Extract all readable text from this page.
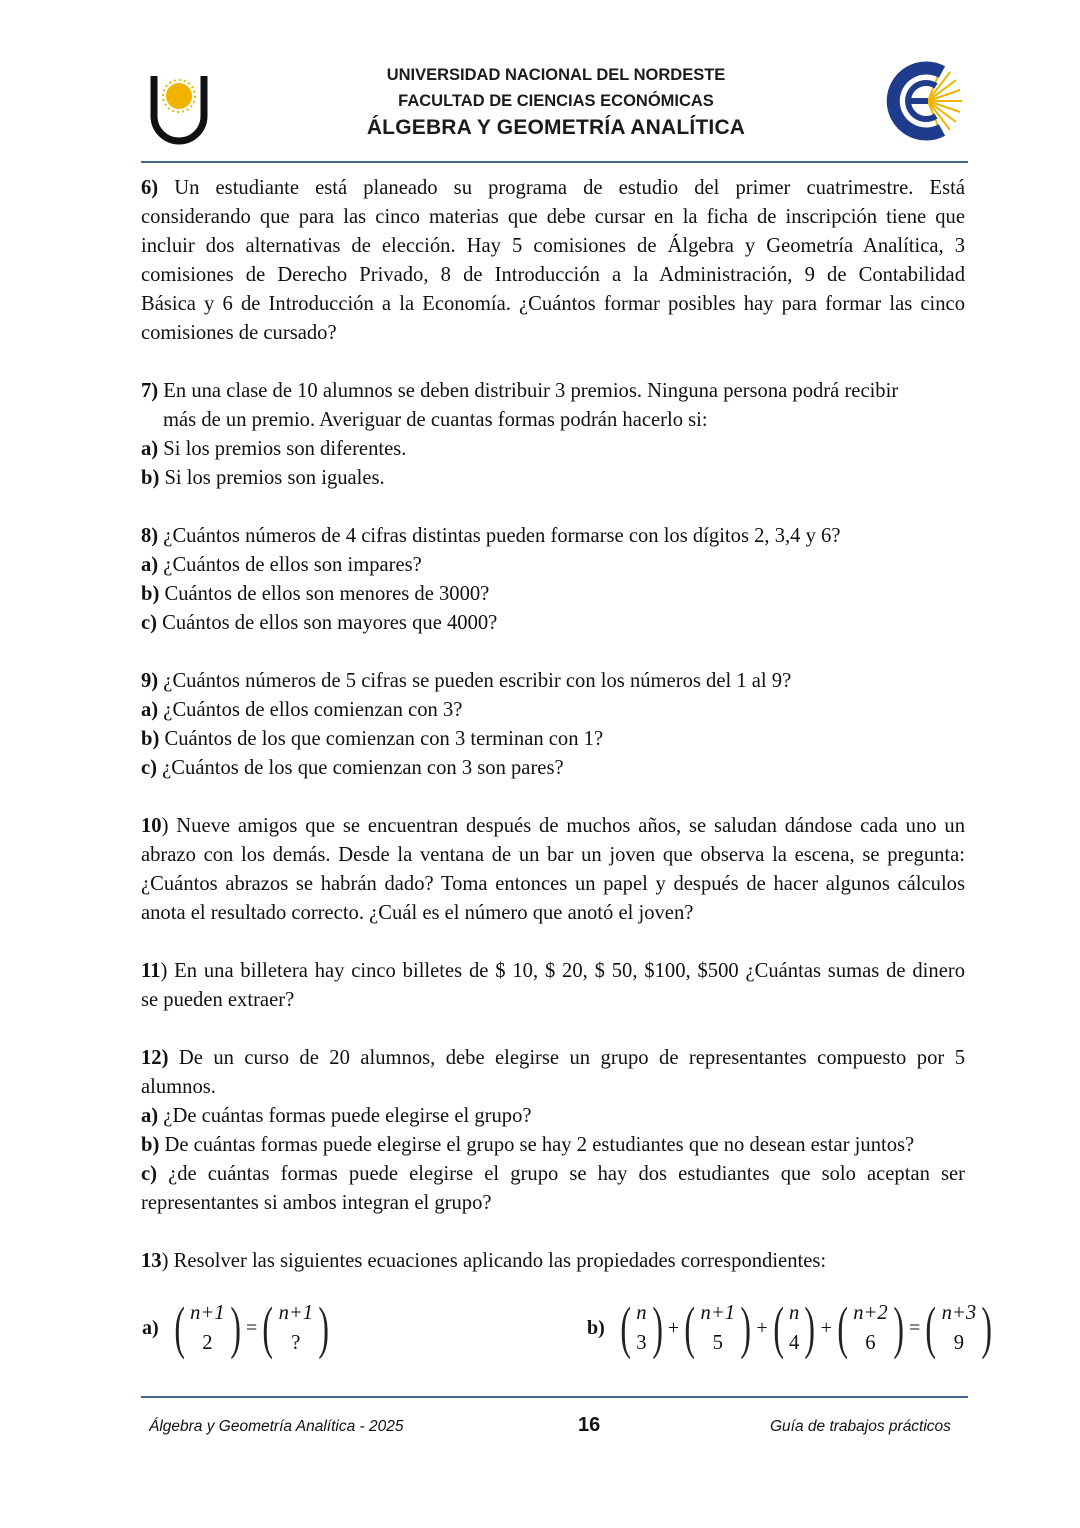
UNIVERSIDAD NACIONAL DEL NORDESTE
FACULTAD DE CIENCIAS ECONÓMICAS
ÁLGEBRA Y GEOMETRÍA ANALÍTICA

6) Un estudiante está planeado su programa de estudio del primer cuatrimestre. Está

considerando que para las cinco materias que debe cursar en la ficha de inscripción tiene que

incluir dos alternativas de elección. Hay 5 comisiones de Álgebra y Geometría Analítica, 3

comisiones de Derecho Privado, 8 de Introducción a la Administración, 9 de Contabilidad

Básica y 6 de Introducción a la Economía. ¿Cuántos formar posibles hay para formar las cinco

comisiones de cursado?

7) En una clase de 10 alumnos se deben distribuir 3 premios. Ninguna persona podrá recibir

más de un premio. Averiguar de cuantas formas podrán hacerlo si:

a) Si los premios son diferentes.

b) Si los premios son iguales.

8) ¿Cuántos números de 4 cifras distintas pueden formarse con los dígitos 2, 3,4 y 6?

a) ¿Cuántos de ellos son impares?

b) Cuántos de ellos son menores de 3000?

c) Cuántos de ellos son mayores que 4000?

9) ¿Cuántos números de 5 cifras se pueden escribir con los números del 1 al 9?

a) ¿Cuántos de ellos comienzan con 3?

b) Cuántos de los que comienzan con 3 terminan con 1?

c) ¿Cuántos de los que comienzan con 3 son pares?

10) Nueve amigos que se encuentran después de muchos años, se saludan dándose cada uno un

abrazo con los demás. Desde la ventana de un bar un joven que observa la escena, se pregunta:

¿Cuántos abrazos se habrán dado? Toma entonces un papel y después de hacer algunos cálculos

anota el resultado correcto. ¿Cuál es el número que anotó el joven?

11) En una billetera hay cinco billetes de $ 10, $ 20, $ 50, $100, $500 ¿Cuántas sumas de dinero

se pueden extraer?

12) De un curso de 20 alumnos, debe elegirse un grupo de representantes compuesto por 5

alumnos.

a) ¿De cuántas formas puede elegirse el grupo?

b) De cuántas formas puede elegirse el grupo se hay 2 estudiantes que no desean estar juntos?

c) ¿de cuántas formas puede elegirse el grupo se hay dos estudiantes que solo aceptan ser

representantes si ambos integran el grupo?

13) Resolver las siguientes ecuaciones aplicando las propiedades correspondientes:

a) ( n+1
2 ) = ( n+1
? )	b) ( n
3 ) + ( n+1
5 ) + ( n
4 ) + ( n+2
6 ) = ( n+3
9 )
Álgebra y Geometría Analítica - 2025	16	Guía de trabajos prácticos
